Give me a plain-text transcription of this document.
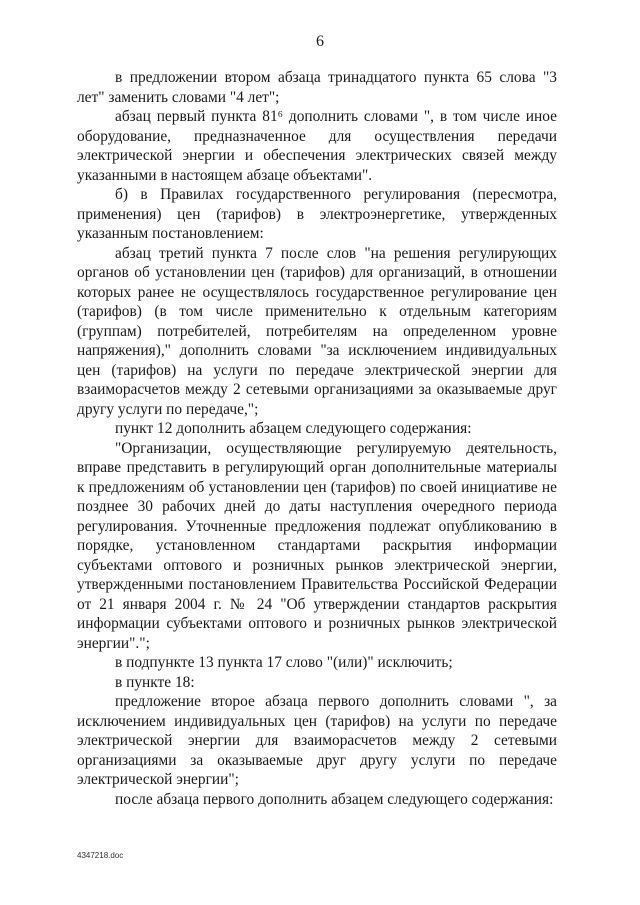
6

в предложении втором абзаца тринадцатого пункта 65 слова "3 лет" заменить словами "4 лет";

абзац первый пункта 81⁶ дополнить словами ", в том числе иное оборудование, предназначенное для осуществления передачи электрической энергии и обеспечения электрических связей между указанными в настоящем абзаце объектами".

б) в Правилах государственного регулирования (пересмотра, применения) цен (тарифов) в электроэнергетике, утвержденных указанным постановлением:

абзац третий пункта 7 после слов "на решения регулирующих органов об установлении цен (тарифов) для организаций, в отношении которых ранее не осуществлялось государственное регулирование цен (тарифов) (в том числе применительно к отдельным категориям (группам) потребителей, потребителям на определенном уровне напряжения)," дополнить словами "за исключением индивидуальных цен (тарифов) на услуги по передаче электрической энергии для взаиморасчетов между 2 сетевыми организациями за оказываемые друг другу услуги по передаче,";

пункт 12 дополнить абзацем следующего содержания:

"Организации, осуществляющие регулируемую деятельность, вправе представить в регулирующий орган дополнительные материалы к предложениям об установлении цен (тарифов) по своей инициативе не позднее 30 рабочих дней до даты наступления очередного периода регулирования. Уточненные предложения подлежат опубликованию в порядке, установленном стандартами раскрытия информации субъектами оптового и розничных рынков электрической энергии, утвержденными постановлением Правительства Российской Федерации от 21 января 2004 г. № 24 "Об утверждении стандартов раскрытия информации субъектами оптового и розничных рынков электрической энергии".";

в подпункте 13 пункта 17 слово "(или)" исключить;

в пункте 18:

предложение второе абзаца первого дополнить словами ", за исключением индивидуальных цен (тарифов) на услуги по передаче электрической энергии для взаиморасчетов между 2 сетевыми организациями за оказываемые друг другу услуги по передаче электрической энергии";

после абзаца первого дополнить абзацем следующего содержания:

4347218.doc
